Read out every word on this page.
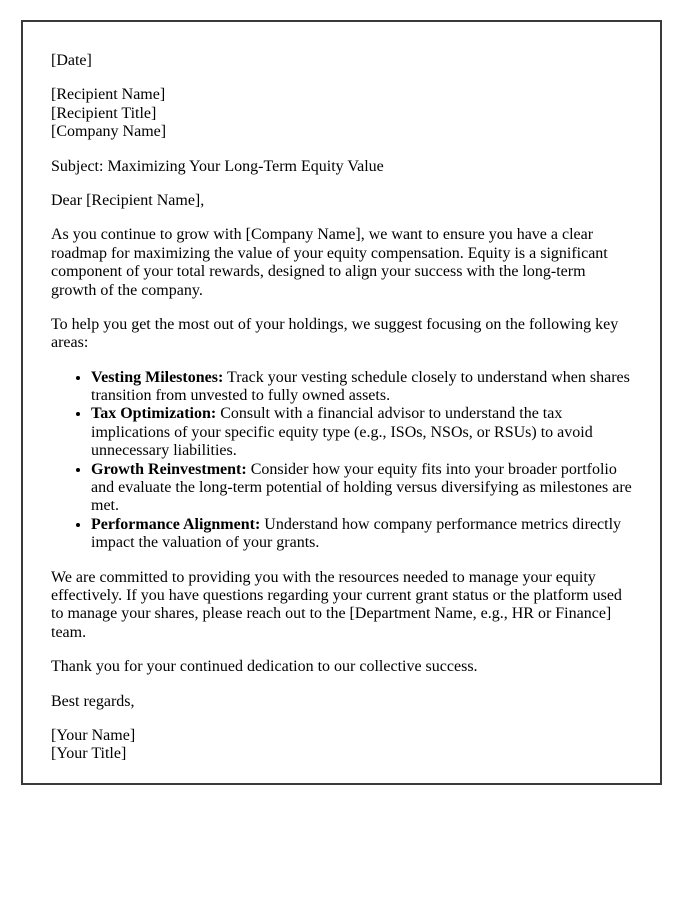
[Date]

[Recipient Name]
[Recipient Title]
[Company Name]

Subject: Maximizing Your Long-Term Equity Value

Dear [Recipient Name],

As you continue to grow with [Company Name], we want to ensure you have a clear roadmap for maximizing the value of your equity compensation. Equity is a significant component of your total rewards, designed to align your success with the long-term growth of the company.

To help you get the most out of your holdings, we suggest focusing on the following key areas:

• Vesting Milestones: Track your vesting schedule closely to understand when shares transition from unvested to fully owned assets.
• Tax Optimization: Consult with a financial advisor to understand the tax implications of your specific equity type (e.g., ISOs, NSOs, or RSUs) to avoid unnecessary liabilities.
• Growth Reinvestment: Consider how your equity fits into your broader portfolio and evaluate the long-term potential of holding versus diversifying as milestones are met.
• Performance Alignment: Understand how company performance metrics directly impact the valuation of your grants.

We are committed to providing you with the resources needed to manage your equity effectively. If you have questions regarding your current grant status or the platform used to manage your shares, please reach out to the [Department Name, e.g., HR or Finance] team.

Thank you for your continued dedication to our collective success.

Best regards,

[Your Name]
[Your Title]
